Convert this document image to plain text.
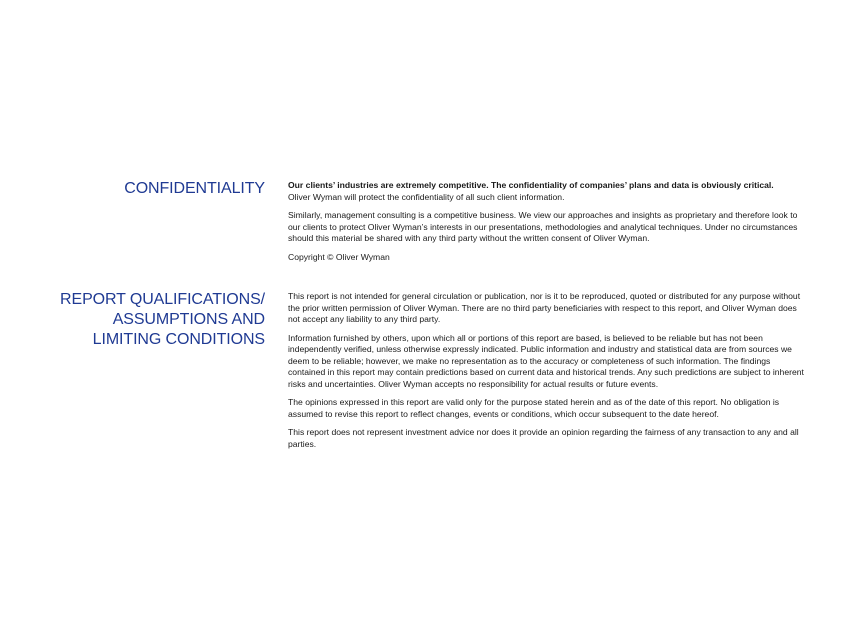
CONFIDENTIALITY	Our clients’ industries are extremely competitive. The confidentiality of companies’ plans and data is obviously critical.
Oliver Wyman will protect the confidentiality of all such client information.

Similarly, management consulting is a competitive business. We view our approaches and insights as proprietary and therefore look to our clients to protect Oliver Wyman’s interests in our presentations, methodologies and analytical techniques. Under no circumstances should this material be shared with any third party without the written consent of Oliver Wyman.

Copyright © Oliver Wyman

REPORT QUALIFICATIONS/
ASSUMPTIONS AND
LIMITING CONDITIONS

This report is not intended for general circulation or publication, nor is it to be reproduced, quoted or distributed for any purpose without the prior written permission of Oliver Wyman. There are no third party beneficiaries with respect to this report, and Oliver Wyman does not accept any liability to any third party.

Information furnished by others, upon which all or portions of this report are based, is believed to be reliable but has not been independently verified, unless otherwise expressly indicated. Public information and industry and statistical data are from sources we deem to be reliable; however, we make no representation as to the accuracy or completeness of such information. The findings contained in this report may contain predictions based on current data and historical trends. Any such predictions are subject to inherent risks and uncertainties. Oliver Wyman accepts no responsibility for actual results or future events.

The opinions expressed in this report are valid only for the purpose stated herein and as of the date of this report. No obligation is assumed to revise this report to reflect changes, events or conditions, which occur subsequent to the date hereof.

This report does not represent investment advice nor does it provide an opinion regarding the fairness of any transaction to any and all parties.
